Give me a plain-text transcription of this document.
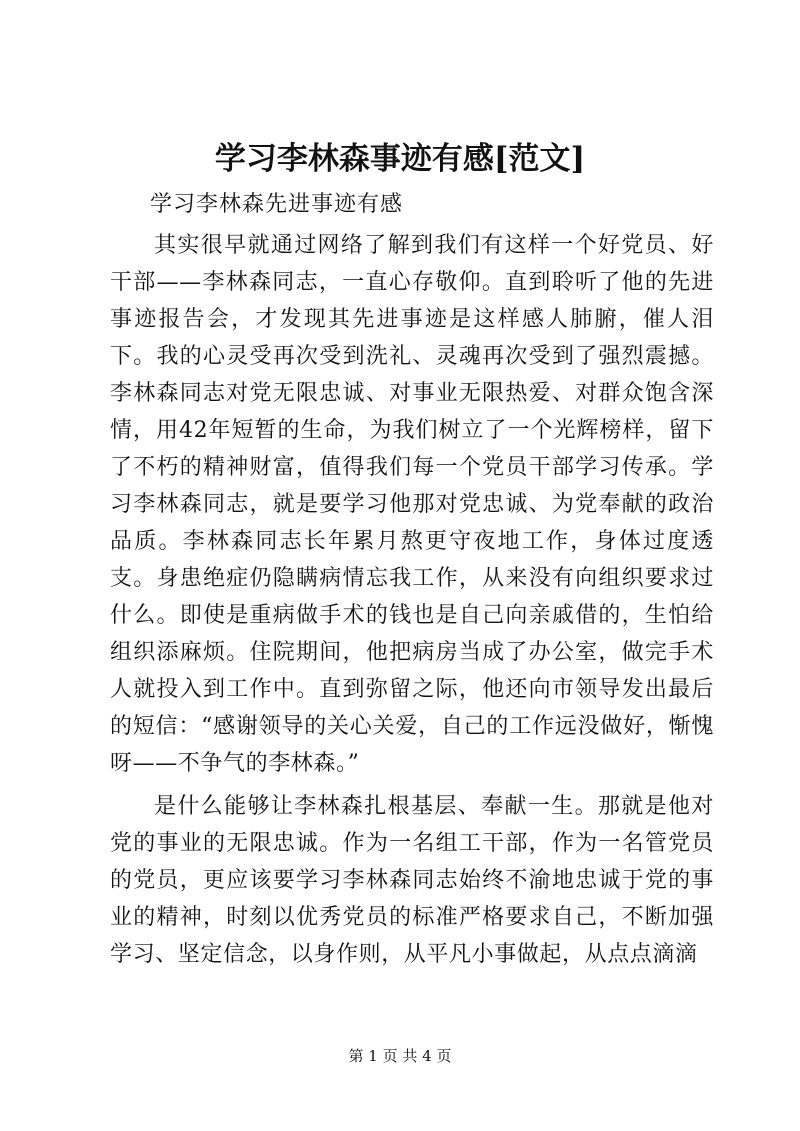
学习李林森事迹有感[范文]

学习李林森先进事迹有感

其实很早就通过网络了解到我们有这样一个好党员、好干部——李林森同志，一直心存敬仰。直到聆听了他的先进事迹报告会，才发现其先进事迹是这样感人肺腑，催人泪下。我的心灵受再次受到洗礼、灵魂再次受到了强烈震撼。李林森同志对党无限忠诚、对事业无限热爱、对群众饱含深情，用42年短暂的生命，为我们树立了一个光辉榜样，留下了不朽的精神财富，值得我们每一个党员干部学习传承。学习李林森同志，就是要学习他那对党忠诚、为党奉献的政治品质。李林森同志长年累月熬更守夜地工作，身体过度透支。身患绝症仍隐瞒病情忘我工作，从来没有向组织要求过什么。即使是重病做手术的钱也是自己向亲戚借的，生怕给组织添麻烦。住院期间，他把病房当成了办公室，做完手术人就投入到工作中。直到弥留之际，他还向市领导发出最后的短信：“感谢领导的关心关爱，自己的工作远没做好，惭愧呀——不争气的李林森。”

是什么能够让李林森扎根基层、奉献一生。那就是他对党的事业的无限忠诚。作为一名组工干部，作为一名管党员的党员，更应该要学习李林森同志始终不渝地忠诚于党的事业的精神，时刻以优秀党员的标准严格要求自己，不断加强学习、坚定信念，以身作则，从平凡小事做起，从点点滴滴

第 1 页 共 4 页
